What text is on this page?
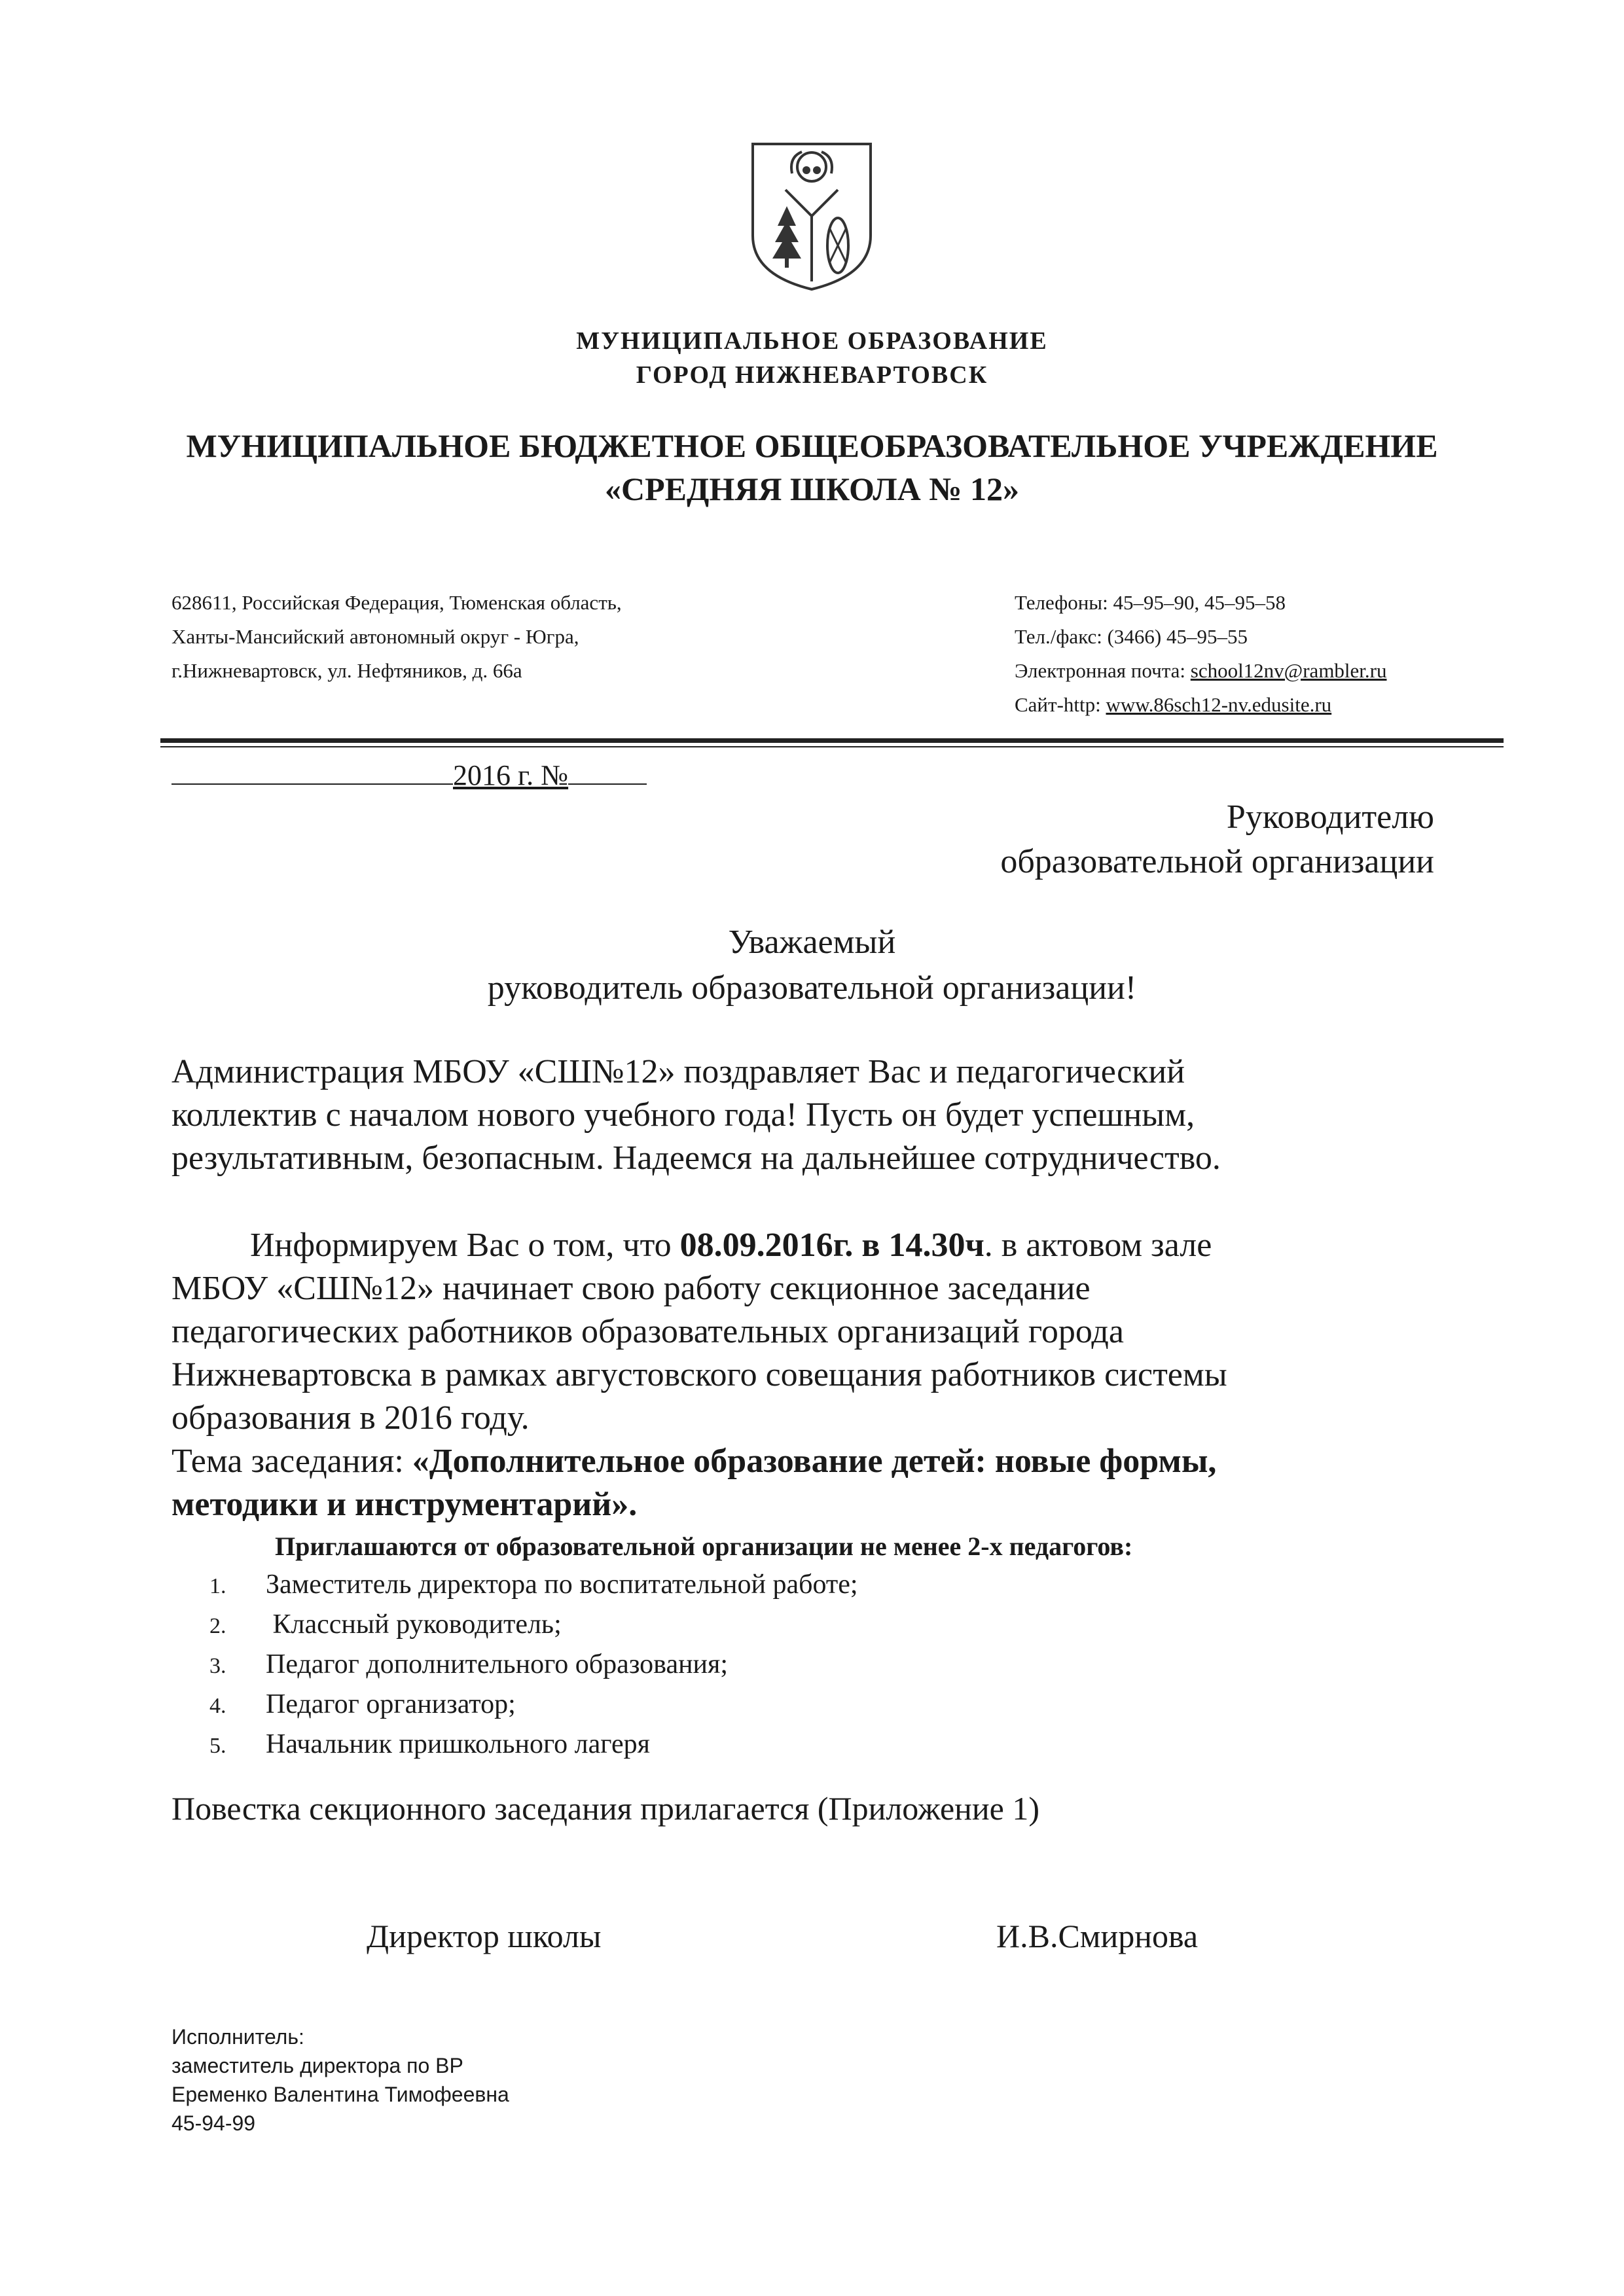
МУНИЦИПАЛЬНОЕ ОБРАЗОВАНИЕ
ГОРОД НИЖНЕВАРТОВСК
МУНИЦИПАЛЬНОЕ БЮДЖЕТНОЕ ОБЩЕОБРАЗОВАТЕЛЬНОЕ УЧРЕЖДЕНИЕ
«СРЕДНЯЯ ШКОЛА № 12»
628611, Российская Федерация, Тюменская область,
Ханты-Мансийский автономный округ - Югра,
г.Нижневартовск, ул. Нефтяников, д. 66а
Телефоны: 45–95–90, 45–95–58
Тел./факс: (3466) 45–95–55
Электронная почта: school12nv@rambler.ru
Сайт-http: www.86sch12-nv.edusite.ru
2016 г. №
Руководителю
образовательной организации
Уважаемый
руководитель образовательной организации!
Администрация МБОУ «СШ№12» поздравляет Вас и педагогический
коллектив с началом нового учебного года! Пусть он будет успешным,
результативным, безопасным. Надеемся на дальнейшее сотрудничество.
Информируем Вас о том, что 08.09.2016г. в 14.30ч. в актовом зале
МБОУ «СШ№12» начинает свою работу секционное заседание
педагогических работников образовательных организаций города
Нижневартовска в рамках августовского совещания работников системы
образования в 2016 году.
Тема заседания: «Дополнительное образование детей: новые формы,
методики и инструментарий».
Приглашаются от образовательной организации не менее 2-х педагогов:
1. Заместитель директора по воспитательной работе;
2. Классный руководитель;
3. Педагог дополнительного образования;
4. Педагог организатор;
5. Начальник пришкольного лагеря
Повестка секционного заседания прилагается (Приложение 1)
Директор школы	И.В.Смирнова
Исполнитель:
заместитель директора по ВР
Еременко Валентина Тимофеевна
45-94-99
